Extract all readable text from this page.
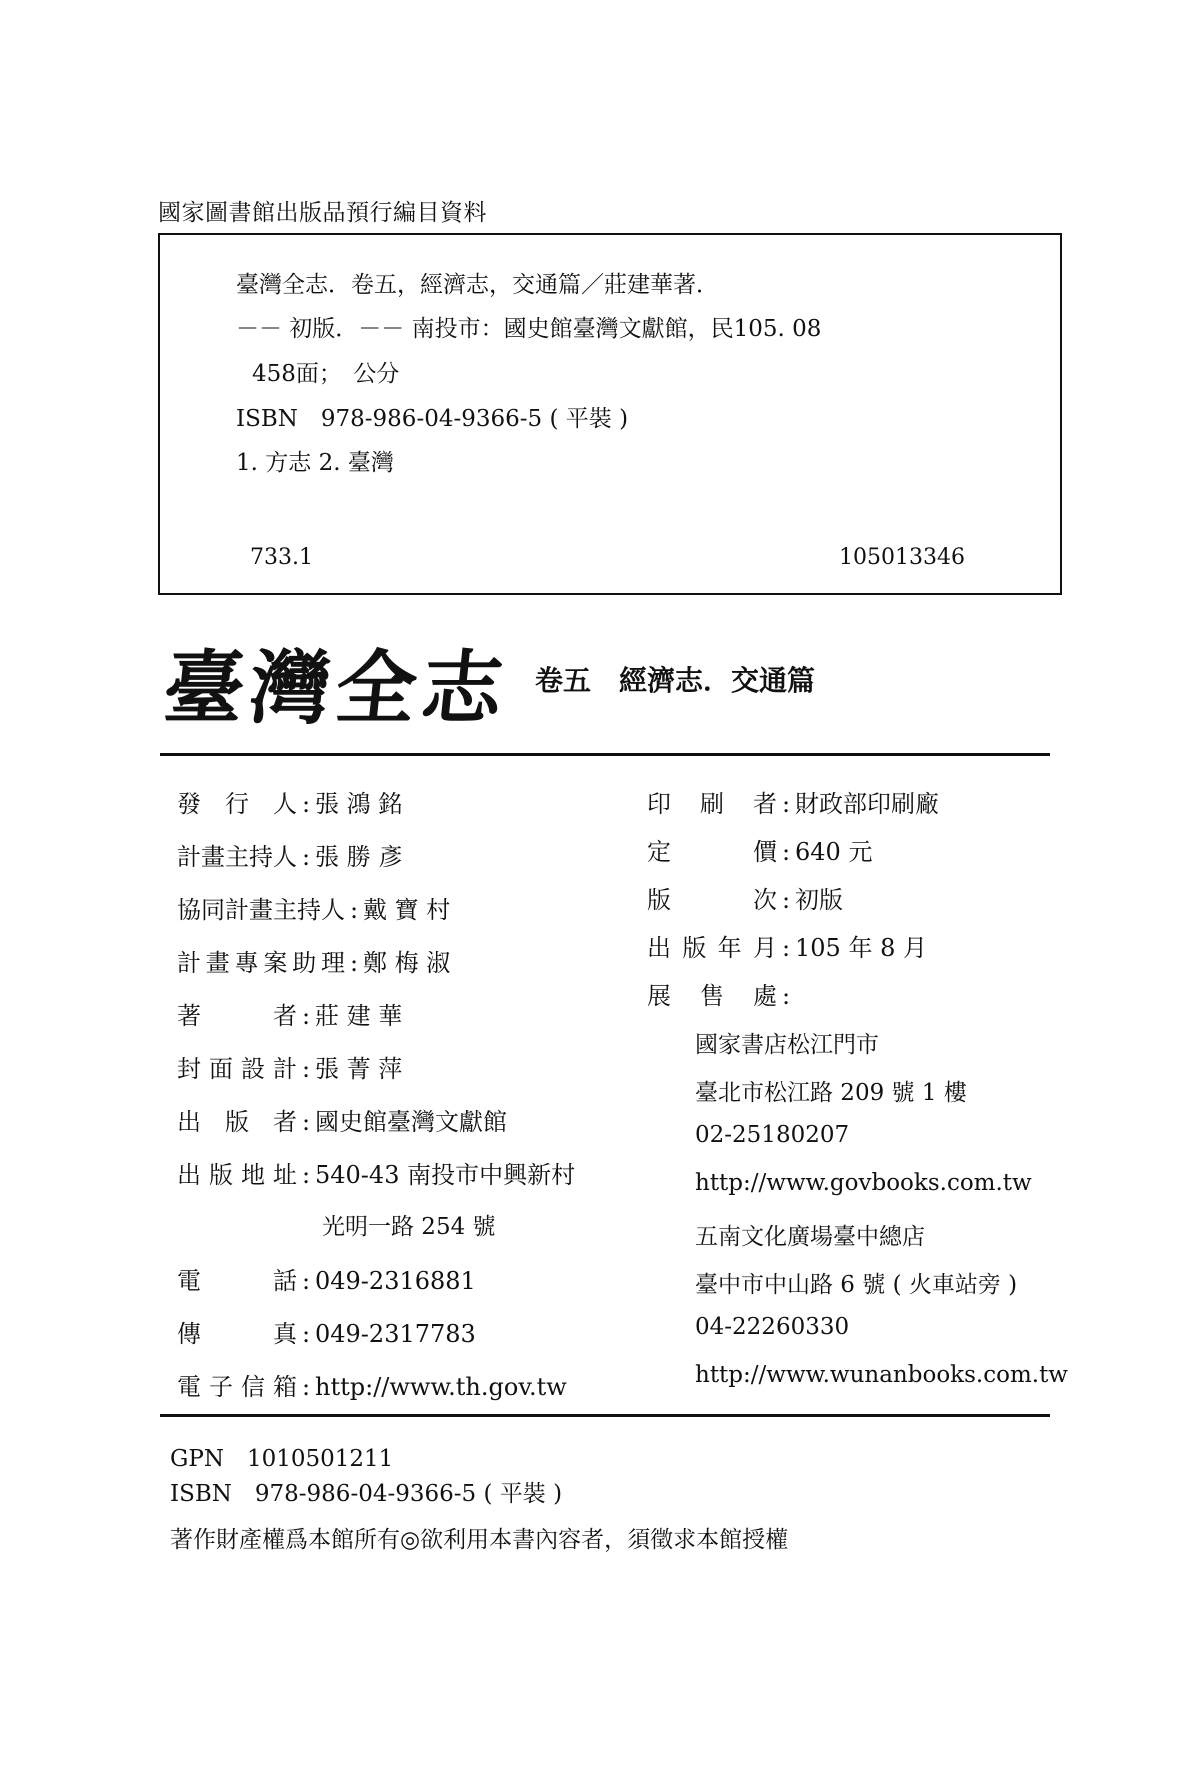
國家圖書館出版品預行編目資料
臺灣全志．卷五，經濟志，交通篇／莊建華著．
－－ 初版．－－ 南投市：國史館臺灣文獻館，民105. 08
458面；　公分
ISBN　978-986-04-9366-5 ( 平裝 )
1. 方志 2. 臺灣
733.1	105013346
臺灣全志 卷五　經濟志．交通篇
發行人 : 張 鴻 銘
計畫主持人 : 張 勝 彥
協同計畫主持人 : 戴 寶 村
計畫專案助理 : 鄭 梅 淑
著者 : 莊 建 華
封面設計 : 張 菁 萍
出版者 : 國史館臺灣文獻館
出版地址 : 540-43 南投市中興新村
光明一路 254 號
電話 : 049-2316881
傳真 : 049-2317783
電子信箱 : http://www.th.gov.tw
印刷者 : 財政部印刷廠
定價 : 640 元
版次 : 初版
出版年月 : 105 年 8 月
展售處 :
國家書店松江門市
臺北市松江路 209 號 1 樓
02-25180207
http://www.govbooks.com.tw
五南文化廣場臺中總店
臺中市中山路 6 號 ( 火車站旁 )
04-22260330
http://www.wunanbooks.com.tw
GPN　1010501211
ISBN　978-986-04-9366-5 ( 平裝 )
著作財產權爲本館所有◎欲利用本書內容者，須徵求本館授權
